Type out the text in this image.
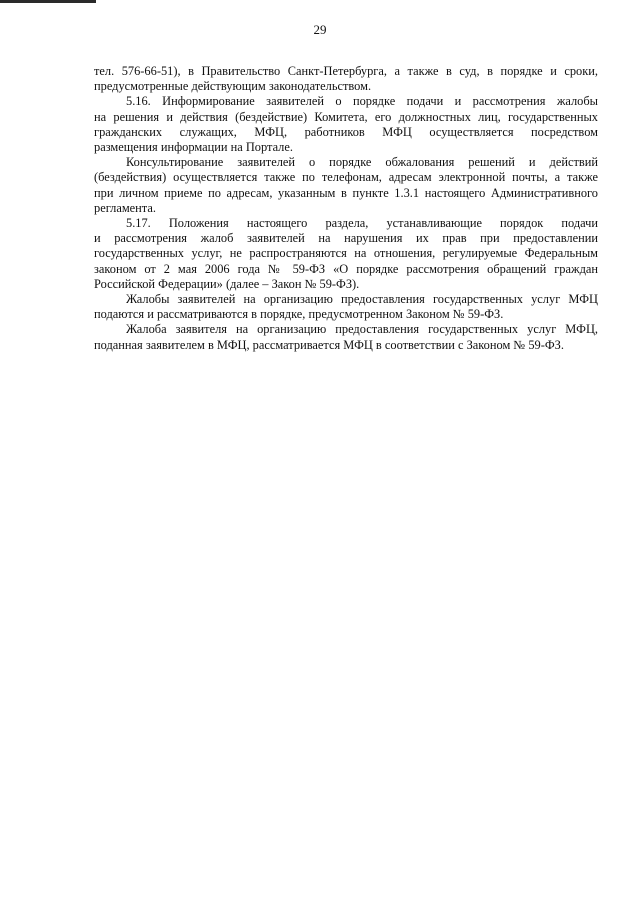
29
тел. 576-66-51), в Правительство Санкт-Петербурга, а также в суд, в порядке и сроки,
предусмотренные действующим законодательством.
5.16. Информирование заявителей о порядке подачи и рассмотрения жалобы
на решения и действия (бездействие) Комитета, его должностных лиц, государственных
гражданских служащих, МФЦ, работников МФЦ осуществляется посредством
размещения информации на Портале.
Консультирование заявителей о порядке обжалования решений и действий
(бездействия) осуществляется также по телефонам, адресам электронной почты, а также
при личном приеме по адресам, указанным в пункте 1.3.1 настоящего Административного
регламента.
5.17. Положения настоящего раздела, устанавливающие порядок подачи
и рассмотрения жалоб заявителей на нарушения их прав при предоставлении
государственных услуг, не распространяются на отношения, регулируемые Федеральным
законом от 2 мая 2006 года № 59-ФЗ «О порядке рассмотрения обращений граждан
Российской Федерации» (далее – Закон № 59-ФЗ).
Жалобы заявителей на организацию предоставления государственных услуг МФЦ
подаются и рассматриваются в порядке, предусмотренном Законом № 59-ФЗ.
Жалоба заявителя на организацию предоставления государственных услуг МФЦ,
поданная заявителем в МФЦ, рассматривается МФЦ в соответствии с Законом № 59-ФЗ.
